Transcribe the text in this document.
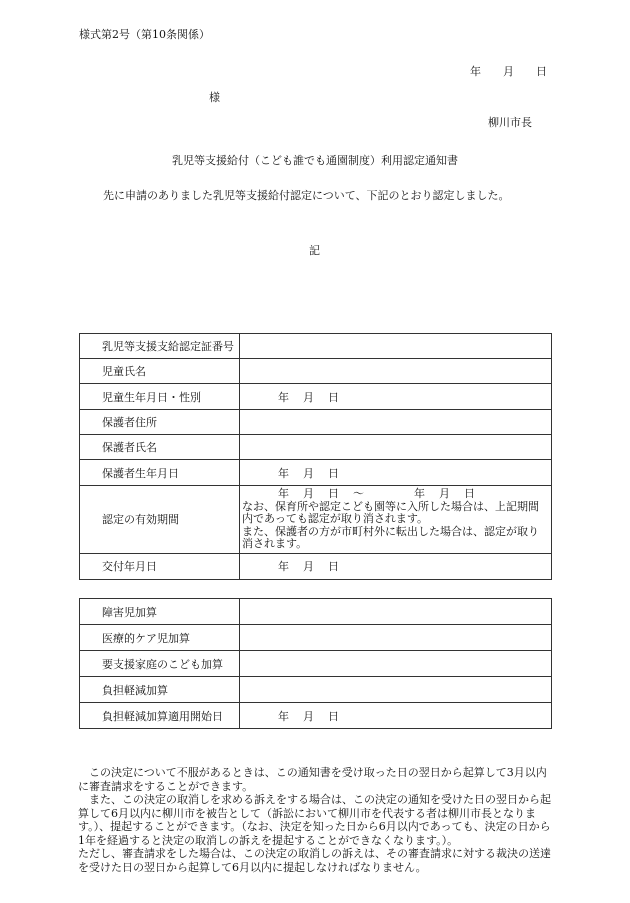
様式第2号（第10条関係）
年 月 日
様
柳川市長
乳児等支援給付（こども誰でも通園制度）利用認定通知書
先に申請のありました乳児等支援給付認定について、下記のとおり認定しました。
記
乳児等支援支給認定証番号	
児童氏名	
児童生年月日・性別	年 月 日
保護者住所	
保護者氏名	
保護者生年月日	年 月 日
認定の有効期間	年 月 日 ～ 年 月 日
なお、保育所や認定こども園等に入所した場合は、上記期間内であっても認定が取り消されます。
また、保護者の方が市町村外に転出した場合は、認定が取り消されます。

交付年月日	年 月 日
障害児加算	
医療的ケア児加算	
要支援家庭のこども加算	
負担軽減加算	
負担軽減加算適用開始日	年 月 日
この決定について不服があるときは、この通知書を受け取った日の翌日から起算して3月以内に審査請求をすることができます。
また、この決定の取消しを求める訴えをする場合は、この決定の通知を受けた日の翌日から起算して6月以内に柳川市を被告として（訴訟において柳川市を代表する者は柳川市長となります。）、提起することができます。（なお、決定を知った日から6月以内であっても、決定の日から1年を経過すると決定の取消しの訴えを提起することができなくなります。）。
ただし、審査請求をした場合は、この決定の取消しの訴えは、その審査請求に対する裁決の送達を受けた日の翌日から起算して6月以内に提起しなければなりません。
